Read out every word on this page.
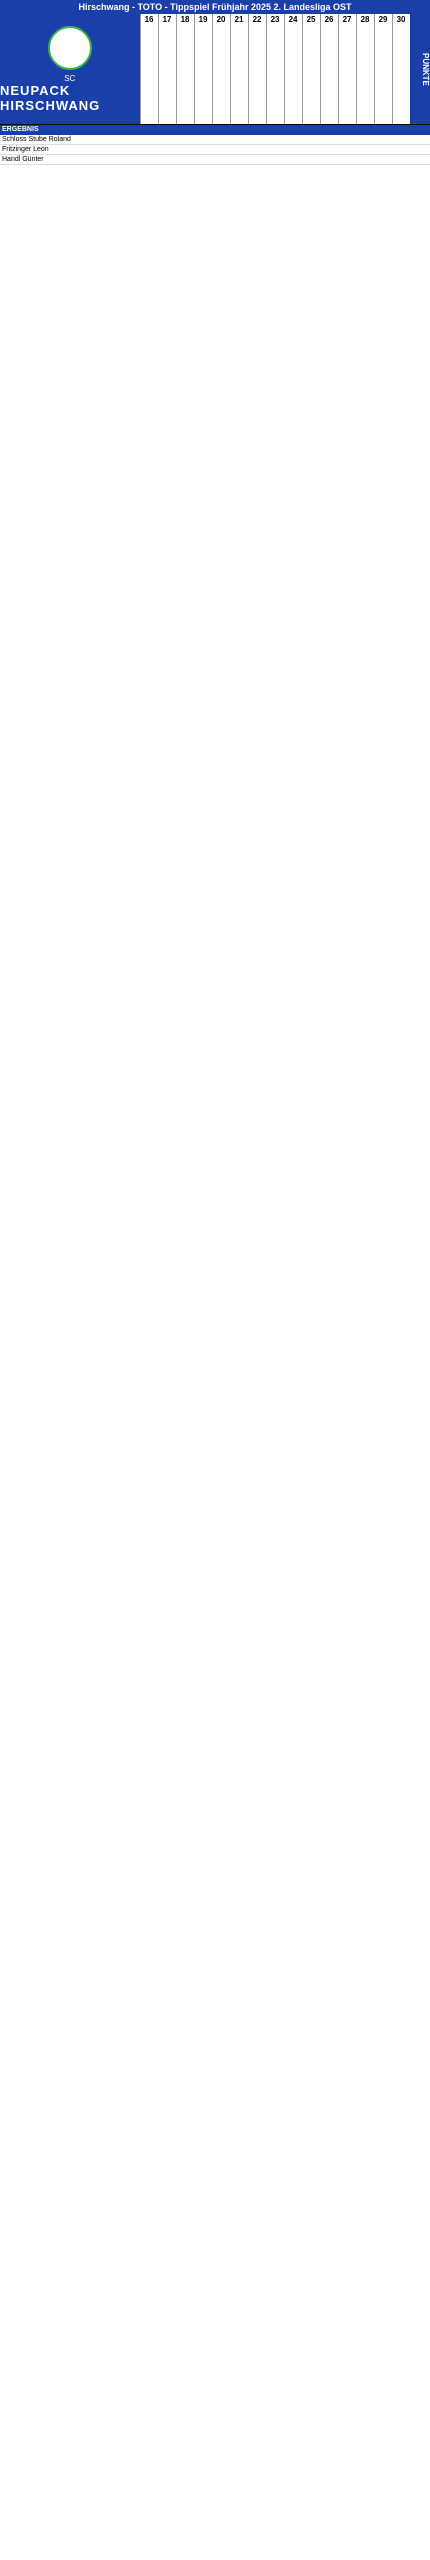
Hirschwang - TOTO - Tippspiel Frühjahr 2025 2. Landesliga OST
SC
NEUPACK HIRSCHWANG
16 17 18 19 20 21 22 23 24 25 26 27 28 29 30
PUNKTE
ERGEBNIS
Schloss Stube Roland
Fritzinger Leon
Handl Günter
